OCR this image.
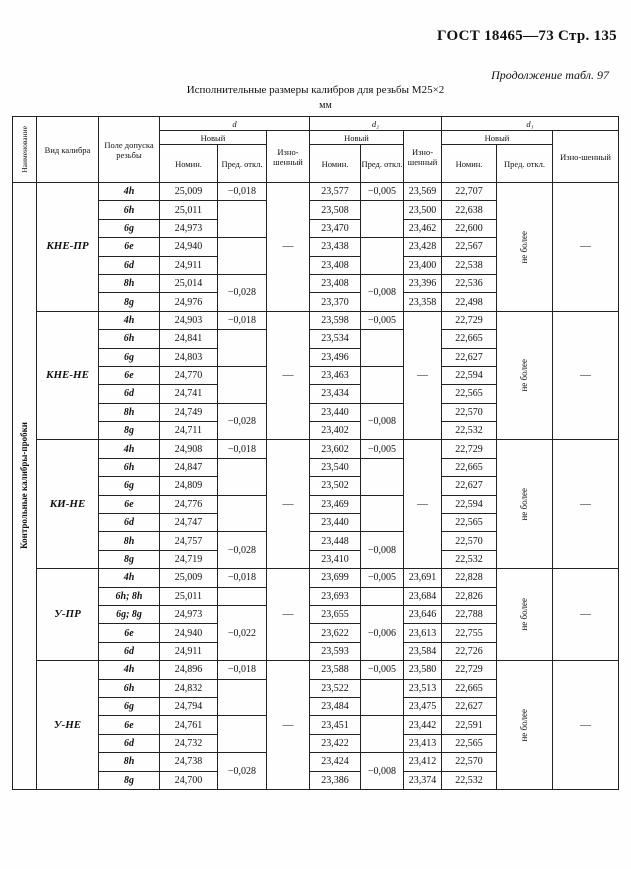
ГОСТ 18465—73 Стр. 135
Продолжение табл. 97
Исполнительные размеры калибров для резьбы M25×2
мм
Наименование	Вид калибра	Поле допуска резьбы	d			d₂			d₁		
			Новый		Изно-шенный	Новый		Изно-шенный	Новый		Изно-шенный
			Номин.	Пред. откл.		Номин.	Пред. откл.		Номин.	Пред. откл.	

Контрольные калибры-пробки	КНЕ-ПР	4h	25,009	−0,018	—	23,577	−0,005	23,569	22,707	не более	—
		6h	25,011			23,508		23,500	22,638		
		6g	24,973			23,470		23,462	22,600		
		6e	24,940			23,438		23,428	22,567		
		6d	24,911			23,408		23,400	22,538		
		8h	25,014	−0,028		23,408	−0,008	23,396	22,536		
		8g	24,976			23,370		23,358	22,498		
	КНЕ-НЕ	4h	24,903	−0,018	—	23,598	−0,005	—	22,729	не более	—
		6h	24,841			23,534			22,665		
		6g	24,803			23,496			22,627		
		6e	24,770			23,463			22,594		
		6d	24,741			23,434			22,565		
		8h	24,749	−0,028		23,440	−0,008		22,570		
		8g	24,711			23,402			22,532		
	КИ-НЕ	4h	24,908	−0,018	—	23,602	−0,005	—	22,729	не более	—
		6h	24,847			23,540			22,665		
		6g	24,809			23,502			22,627		
		6e	24,776			23,469			22,594		
		6d	24,747			23,440			22,565		
		8h	24,757	−0,028		23,448	−0,008		22,570		
		8g	24,719			23,410			22,532		
	У-ПР	4h	25,009	−0,018	—	23,699	−0,005	23,691	22,828	не более	—
		6h; 8h	25,011			23,693		23,684	22,826		
		6g; 8g	24,973	−0,022		23,655	−0,006	23,646	22,788		
		6e	24,940			23,622		23,613	22,755		
		6d	24,911			23,593		23,584	22,726		
	У-НЕ	4h	24,896	−0,018	—	23,588	−0,005	23,580	22,729	не более	—
		6h	24,832			23,522		23,513	22,665		
		6g	24,794			23,484		23,475	22,627		
		6e	24,761			23,451		23,442	22,591		
		6d	24,732			23,422		23,413	22,565		
		8h	24,738	−0,028		23,424	−0,008	23,412	22,570		
		8g	24,700			23,386		23,374	22,532		
